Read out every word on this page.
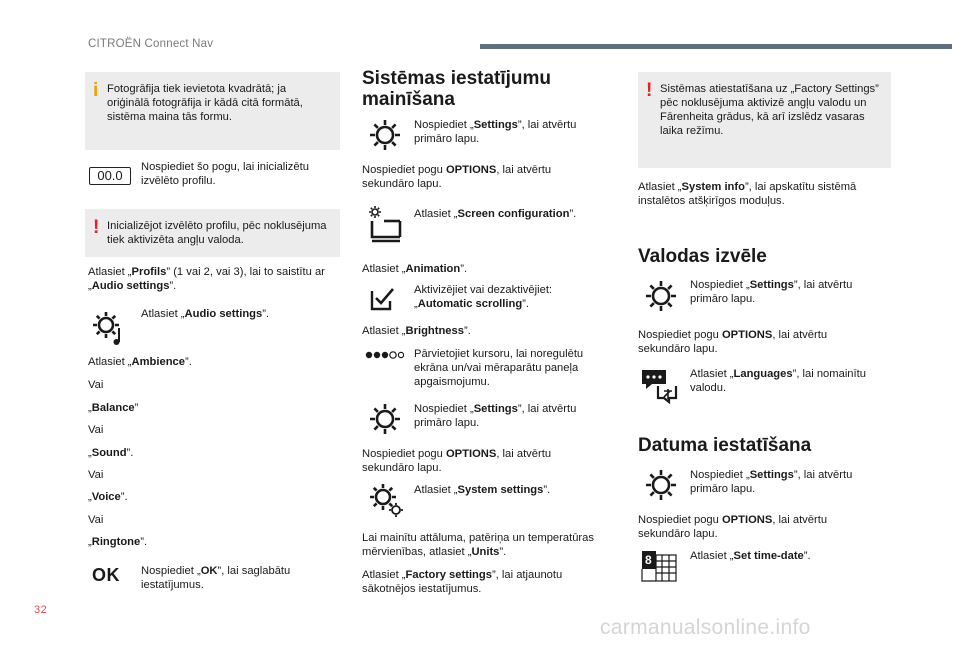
CITROËN Connect Nav
i Fotogrāfija tiek ievietota kvadrātā; ja oriģinālā fotogrāfija ir kādā citā formātā, sistēma maina tās formu.
00.0
Nospiediet šo pogu, lai inicializētu izvēlēto profilu.
! Inicializējot izvēlēto profilu, pēc noklusējuma tiek aktivizēta angļu valoda.
Atlasiet „Profils” (1 vai 2, vai 3), lai to saistītu ar „Audio settings”.
Atlasiet „Audio settings”.
Atlasiet „Ambience”.
Vai
„Balance”
Vai
„Sound”.
Vai
„Voice”.
Vai
„Ringtone”.
OK Nospiediet „OK”, lai saglabātu iestatījumus.
Sistēmas iestatījumu mainīšana
Nospiediet „Settings”, lai atvērtu primāro lapu.
Nospiediet pogu OPTIONS, lai atvērtu sekundāro lapu.
Atlasiet „Screen configuration”.
Atlasiet „Animation”.
Aktivizējiet vai dezaktivējiet: „Automatic scrolling”.
Atlasiet „Brightness”.
Pārvietojiet kursoru, lai noregulētu ekrāna un/vai mēraparātu paneļa apgaismojumu.
Nospiediet „Settings”, lai atvērtu primāro lapu.
Nospiediet pogu OPTIONS, lai atvērtu sekundāro lapu.
Atlasiet „System settings”.
Lai mainītu attāluma, patēriņa un temperatūras mērvienības, atlasiet „Units”.
Atlasiet „Factory settings”, lai atjaunotu sākotnējos iestatījumus.
! Sistēmas atiestatīšana uz „Factory Settings” pēc noklusējuma aktivizē angļu valodu un Fārenheita grādus, kā arī izslēdz vasaras laika režīmu.
Atlasiet „System info”, lai apskatītu sistēmā instalētos atšķirīgos moduļus.
Valodas izvēle
Nospiediet „Settings”, lai atvērtu primāro lapu.
Nospiediet pogu OPTIONS, lai atvērtu sekundāro lapu.
Atlasiet „Languages”, lai nomainītu valodu.
Datuma iestatīšana
Nospiediet „Settings”, lai atvērtu primāro lapu.
Nospiediet pogu OPTIONS, lai atvērtu sekundāro lapu.
8	Atlasiet „Set time-date”.
32
carmanualsonline.info
